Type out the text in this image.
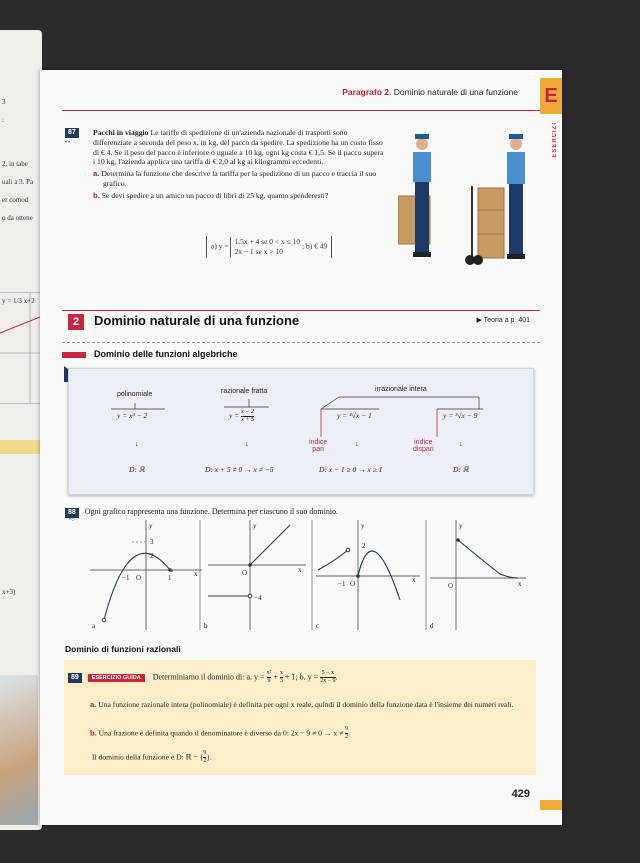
3
:
2, in tabe
uali a 3. Pa
er comod
o da ottene
y = 1/3 x+2
x+3)
Paragrafo 2. Dominio naturale di una funzione E
ESERCIZI
87
••
Pacchi in viaggio Le tariffe di spedizione di un'azienda nazionale di trasporti sono differenziate a seconda del peso x, in kg, del pacco da spedire. La spedizione ha un costo fisso di € 4. Se il peso del pacco è inferiore o uguale a 10 kg, ogni kg costa € 1,5. Se il pacco supera i 10 kg, l'azienda applica una tariffa di € 2,0 al kg ai kilogrammi eccedenti.
a. Determina la funzione che descrive la tariffa per la spedizione di un pacco e traccia il suo grafico.
b. Se devi spedire a un amico un pacco di libri di 25 kg, quanto spenderesti?
a) y =
1,5x + 4 se 0 < x ≤ 10
2x − 1 se x > 10
; b) € 49
2	Dominio naturale di una funzione	▶ Teoria a p. 401
Dominio delle funzioni algebriche
polinomiale	razionale fratta	irrazionale intera
y = x³ − 2	$y = \frac{x - 2}{x + 5}$	y = ⁴√x − 1	y = ³√x − 9
indice
pari
indice
dispari
↓	↓	↓	↓
D: ℝ	D: x + 5 ≠ 0 → x ≠ −5	D: x − 1 ≥ 0 → x ≥ 1	D: ℝ
88 Ogni grafico rappresenta una funzione. Determina per ciascuno il suo dominio.
•○
a	b	c	d
y
3
2
−1 O	1	x
y
O
−4
x
y
2
−1 O	x
y
O	x
Dominio di funzioni razionali
89 ESERCIZIO GUIDA Determiniamo il dominio di: a. $y = \frac{\text{x²}}{9} + \frac{x}{3} + 1$; b. $y = \frac{5 - x}{2x - 9}$ .
a. Una funzione razionale intera (polinomiale) è definita per ogni x reale, quindi il dominio della funzione data è l'insieme dei numeri reali.
b. Una frazione è definita quando il denominatore è diverso da 0: $2x - 9 \ne 0 \to x \ne \frac{9}{2}$ .
Il dominio della funzione è D: ℝ − { $\frac{9}{2}$ }.
429
